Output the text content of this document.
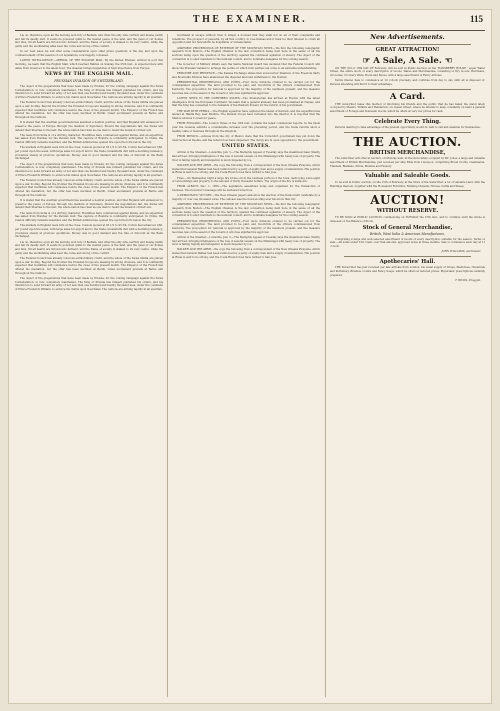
THE EXAMINER.	115

Lie on, therefore, upon all the burning acid fury of Bedlam, and other the silly side, terribly and insane justify and tell its deadly dart. It sends its poisoned quills to the wasted peace of the land, and the quiet of our homes and inns, till all hearts are thrown into ferment, and the frame of society is shaken to its very centre, while the guilty and the unoffending alike bear the curse and wrong of the conflict.

In our next issue we will offer some consideration upon other grave questions of the day, and upon the commencement of this session of our legislature, now happily convened.

LATEST INTELLIGENCE.—ARRIVAL OF THE ENGLISH MAIL. By the Packet Bremen, arrived in port this morning, we learn that the English Mail, which reached Halifax on Sunday, the 25th inst., is expected here with dates from Liverpool to the latest hour. The steamer brings despatches of high importance from Europe.

NEWS BY THE ENGLISH MAIL.
PRUSSIAN INVASION OF SWITZERLAND.

The object of the preparations that have been made by Prussia, for the coming campaign against the Swiss Confederation, is now completely manifested. The King of Prussia has himself published his orders, and his intention is to send forward an army of not less than one hundred and twenty thousand men, under the command of Prince Frederick William, to enforce his claims upon Neuchatel. The cantons are arming rapidly in all quarters.

The Federal Council has already voted an extraordinary credit, and the whole of the Swiss militia are placed upon a war footing. Beyond the frontier the Prussian troops are massing in strong divisions, and it is confidently expected that hostilities will commence before the close of the present month. The Emperor of the French has offered his mediation, but the offer has been declined at Berlin. Great excitement prevails at Berne and throughout the Cantons.

It is stated that the Austrian government has assumed a neutral position, and that England will endeavour to preserve the peace of Europe through the medium of diplomacy. Should the negotiations fail, the Swiss will defend their liberties to the last; the whole nation has risen as one man to resist the invasion of their soil.

The news from India is of a stirring character. Hostilities have commenced against Persia, and an expedition has sailed from Bombay for the Persian Gulf. The capture of Bushire is confidently anticipated. In China, the Canton difficulty remains unsettled, and the British Admiral has opened fire upon the forts below the city.

The markets in England were firm at the close. Consols quoted at 93 1/2 to 93 3/4. Cotton had advanced 1/8d. per pound upon the week, with large sales for export and to the trade; breadstuffs dull with a declining tendency; provisions steady at previous quotations. Money was in good demand and the rate of discount at the Bank unchanged.

The object of the preparations that have been made by Prussia, for the coming campaign against the Swiss Confederation, is now completely manifested. The King of Prussia has himself published his orders, and his intention is to send forward an army of not less than one hundred and twenty thousand men, under the command of Prince Frederick William, to enforce his claims upon Neuchatel. The cantons are arming rapidly in all quarters.

The Federal Council has already voted an extraordinary credit, and the whole of the Swiss militia are placed upon a war footing. Beyond the frontier the Prussian troops are massing in strong divisions, and it is confidently expected that hostilities will commence before the close of the present month. The Emperor of the French has offered his mediation, but the offer has been declined at Berlin. Great excitement prevails at Berne and throughout the Cantons.

It is stated that the Austrian government has assumed a neutral position, and that England will endeavour to preserve the peace of Europe through the medium of diplomacy. Should the negotiations fail, the Swiss will defend their liberties to the last; the whole nation has risen as one man to resist the invasion of their soil.

The news from India is of a stirring character. Hostilities have commenced against Persia, and an expedition has sailed from Bombay for the Persian Gulf. The capture of Bushire is confidently anticipated. In China, the Canton difficulty remains unsettled, and the British Admiral has opened fire upon the forts below the city.

The markets in England were firm at the close. Consols quoted at 93 1/2 to 93 3/4. Cotton had advanced 1/8d. per pound upon the week, with large sales for export and to the trade; breadstuffs dull with a declining tendency; provisions steady at previous quotations. Money was in good demand and the rate of discount at the Bank unchanged.

Lie on, therefore, upon all the burning acid fury of Bedlam, and other the silly side, terribly and insane justify and tell its deadly dart. It sends its poisoned quills to the wasted peace of the land, and the quiet of our homes and inns, till all hearts are thrown into ferment, and the frame of society is shaken to its very centre, while the guilty and the unoffending alike bear the curse and wrong of the conflict.

The Federal Council has already voted an extraordinary credit, and the whole of the Swiss militia are placed upon a war footing. Beyond the frontier the Prussian troops are massing in strong divisions, and it is confidently expected that hostilities will commence before the close of the present month. The Emperor of the French has offered his mediation, but the offer has been declined at Berlin. Great excitement prevails at Berne and throughout the Cantons.

The object of the preparations that have been made by Prussia, for the coming campaign against the Swiss Confederation, is now completely manifested. The King of Prussia has himself published his orders, and his intention is to send forward an army of not less than one hundred and twenty thousand men, under the command of Prince Frederick William, to enforce his claims upon Neuchatel. The cantons are arming rapidly in all quarters.

Southland in escape without trial, it simply a doomed that they shall not do all of their complaints and rebellions. The prospect of peaceful, by all this country, to lose Kansas and if must be their interest to crush all opposition and not henceforth be hospitable or unreasonable.

ASSEMBLY PROCEEDINGS OF EXTERIOR OF THE MOUNTAIN NEWS.—We find the following telegraphic despatch from Boston:—The English Channel is the last convention being held here in the sense of all the sections being upon the question of the territory, against the continued agitation of slavery. The object of the convention is to elect members to the national council, and to nominate delegates for the coming session.

The Governor of Military Affairs says the Santa National Guard has declared that the Federal Council will allow the Prussian Cabinet to arrange the points on which both parties can come to an amicable understanding.

PRISONER AND PRESENCE.—The Kansas Exchange states that ex-Governor Shannon of the Freedom Party and Boonsville Division have abandoned the disputed land and withdrawn to the frontier.

PRESIDENTIAL PROPORTIONAL AND VOTES.—Four more divisions ordered to be carried out for the contemplated expedition. The land provided to be paid, and two-thirds of the officers commissioned from Kentucky. The proposition for removal is approved by the majority of the members present, and the measure becomes law on the assent of the Governor, who has signified his approval.

LATEST NEWS IN THE NORTHERN STATES.—The Presbyterian has arrived at Boston with the latest intelligence from the European Continent. We learn that a general amnesty has been proclaimed at Naples, and that the King has consented to the demands of the Western Powers for the reform of his government.

THE WAR WITH PERSIA.—The English squadron have captured the island of Karrack, and the expedition has landed at Hallila Bay, near Bushire. The Persian troops have retreated into the interior. It is reported that the Shah is anxious to treat for peace.

FROM ENGLAND—The London Times of the 10th inst. contains the latest commercial reports. In the fiscal year the revenue exhibits a considerable increase over the preceding period, and the trade returns show a healthy state of business throughout the kingdom.

FROM MEXICO.—Advices from the city of Mexico state that the Comonfort government has put down the insurrection at Puebla, and the rebel forces have dispersed. The clergy are in open opposition to the government.

UNITED STATES.

Arrival of the Steamer.—Louisville, Jan. 5.—The Memphis Appeal of Tuesday says the steamboat Isaac Shelby had arrived, bringing intelligence of the loss of several vessels on the Mississippi with heavy loss of property. The river is falling rapidly and navigation is much impeded by ice.

WALKER AND THE ARMY.—We copy the following from a correspondent of the New Orleans Picayune, which states that General Walker had been reinforced by a party of eighty men and a supply of ammunition. His position at Rivas is said to be strong, and the Costa Rican forces have retired to San Jose.

Fires.—On Wednesday night a large fire broke out in the business portion of the town, destroying some eight or ten buildings and property to the amount of thirty thousand dollars. The origin of the fire is unknown.

FROM ALBANY, Dec. 1, 1856.—The legislature assembled today and organized for the transaction of business. The Governor's message will be delivered tomorrow.

A DEMOCRATIC VICTORY.—The New Orleans papers announce the election of the Democratic candidate by a majority of over one thousand votes. The canvass was the most exciting ever known in that city.

ASSEMBLY PROCEEDINGS OF EXTERIOR OF THE MOUNTAIN NEWS.—We find the following telegraphic despatch from Boston:—The English Channel is the last convention being held here in the sense of all the sections being upon the question of the territory, against the continued agitation of slavery. The object of the convention is to elect members to the national council, and to nominate delegates for the coming session.

PRESIDENTIAL PROPORTIONAL AND VOTES.—Four more divisions ordered to be carried out for the contemplated expedition. The land provided to be paid, and two-thirds of the officers commissioned from Kentucky. The proposition for removal is approved by the majority of the members present, and the measure becomes law on the assent of the Governor, who has signified his approval.

Arrival of the Steamer.—Louisville, Jan. 5.—The Memphis Appeal of Tuesday says the steamboat Isaac Shelby had arrived, bringing intelligence of the loss of several vessels on the Mississippi with heavy loss of property. The river is falling rapidly and navigation is much impeded by ice.

WALKER AND THE ARMY.—We copy the following from a correspondent of the New Orleans Picayune, which states that General Walker had been reinforced by a party of eighty men and a supply of ammunition. His position at Rivas is said to be strong, and the Costa Rican forces have retired to San Jose.

New Advertisements.
GREAT ATTRACTION!
☞ A Sale, A Sale. ☜

ON THE 3rd or 18th DAY OF February, will be sold at Public Auction, at the 'HANSBERRY HOUSE,' upper Water Street, the entire stock of every description of Goods, Wares and Merchandise, consisting of Dry Goods, Hardware, Groceries, Crockery Ware, Boots and Shoes, with a large assortment of Fancy Articles.

Terms liberal. Sale to commence at 10 o'clock precisely, and continue from day to day until all is disposed of. Persons attending will find it to their advantage.

A Card.

THE subscriber takes this method of informing his friends and the public that he has taken the stand lately occupied by Messrs. Wilkins and Henderson, on Queen Street, where he intends to keep constantly on hand a general assortment of Foreign and Domestic Goods, which he offers at very low prices for cash.

Celebrate Every Thing.

Persons desiring to take advantage of the present opportunity would do well to call and examine for themselves.

THE AUCTION.
BRITISH MERCHANDISE,

The subscriber will offer at Auction, on Monday next, at the store lately occupied by Mr. Jones, a large and valuable assortment of British Merchandise, just received per ship Eliza from Liverpool, comprising Broad Cloths, Cassimeres, Flannels, Blankets, Prints, Muslins and Hosiery.

Valuable and Saleable Goods.

To be sold at Public Auction, on the 15th of February, at the Store of the Subscriber, a lot of valuable Land, with the Buildings thereon, together with the Household Furniture, Farming Utensils, Horses, Cattle and Sheep.

AUCTION!
WITHOUT RESERVE.

TO BE SOLD at PUBLIC AUCTION, commencing on TUESDAY the 27th inst., and to continue until the whole is disposed of, the Balance of Stock.

Stock of General Merchandise,
British, West India & American Manufactures,

Comprising a large and well selected assortment of Goods of every description, suitable for the season. Terms of sale:—All sums under £10, Cash; over that amount, approved notes at three months. Sale to commence each day at 11 o'clock.

JOHN WILLIAMS, Auctioneer.
Apothecaries' Hall.

THE Subscriber has just received per late arrivals from London, his usual supply of Drugs, Medicines, Chemicals and Perfumery, Brushes, Combs and Fancy Soaps, which he offers at reduced prices. Physicians' prescriptions carefully prepared.

T. HICKS, Druggist.
